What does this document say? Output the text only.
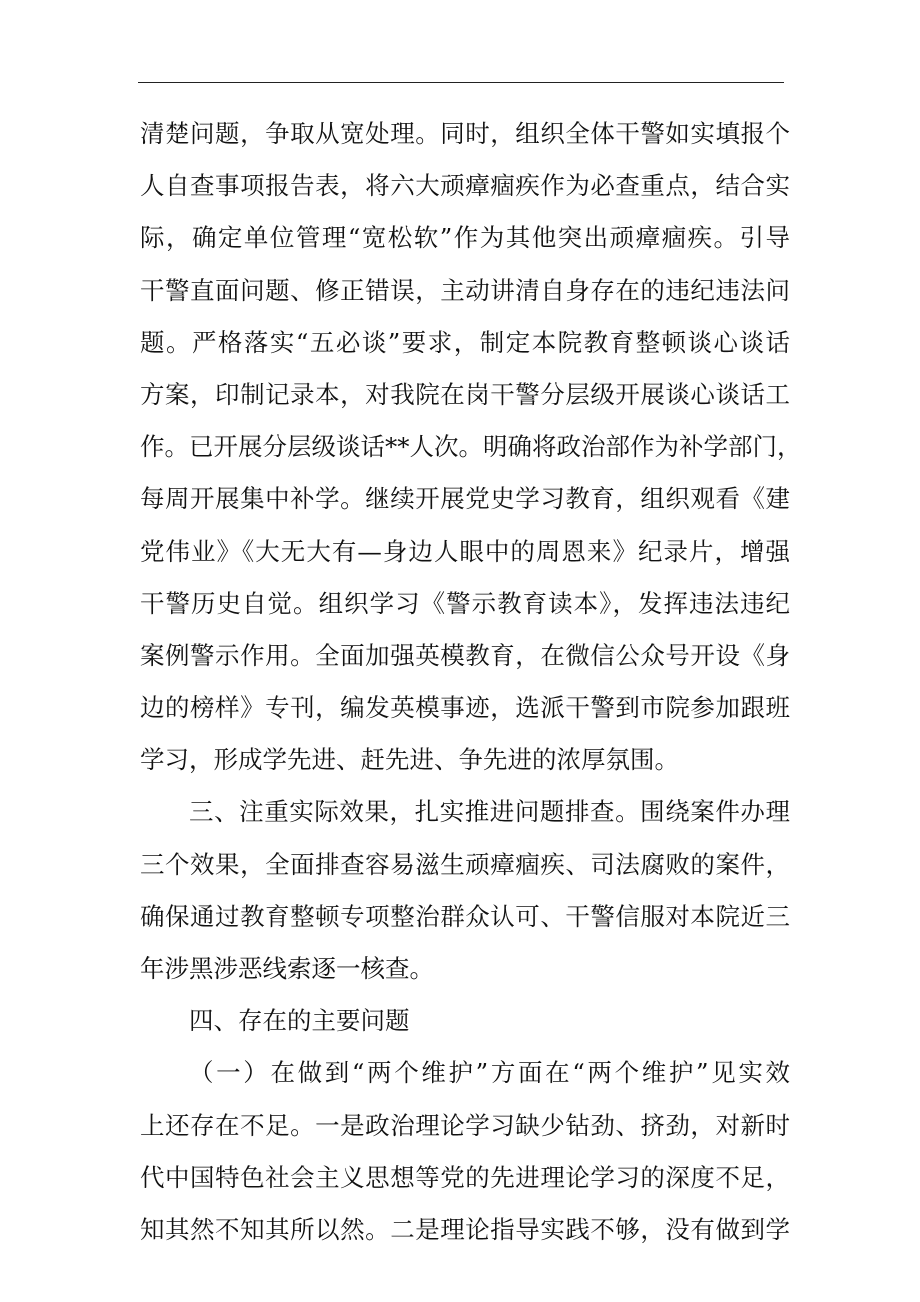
清楚问题，争取从宽处理。同时，组织全体干警如实填报个
人自查事项报告表，将六大顽瘴痼疾作为必查重点，结合实
际，确定单位管理“宽松软”作为其他突出顽瘴痼疾。引导
干警直面问题、修正错误，主动讲清自身存在的违纪违法问
题。严格落实“五必谈”要求，制定本院教育整顿谈心谈话
方案，印制记录本，对我院在岗干警分层级开展谈心谈话工
作。已开展分层级谈话**人次。明确将政治部作为补学部门，
每周开展集中补学。继续开展党史学习教育，组织观看《建
党伟业》《大无大有—身边人眼中的周恩来》纪录片，增强
干警历史自觉。组织学习《警示教育读本》，发挥违法违纪
案例警示作用。全面加强英模教育，在微信公众号开设《身
边的榜样》专刊，编发英模事迹，选派干警到市院参加跟班
学习，形成学先进、赶先进、争先进的浓厚氛围。
三、注重实际效果，扎实推进问题排查。围绕案件办理
三个效果，全面排查容易滋生顽瘴痼疾、司法腐败的案件，
确保通过教育整顿专项整治群众认可、干警信服对本院近三
年涉黑涉恶线索逐一核查。
四、存在的主要问题
（一）在做到“两个维护”方面在“两个维护”见实效
上还存在不足。一是政治理论学习缺少钻劲、挤劲，对新时
代中国特色社会主义思想等党的先进理论学习的深度不足，
知其然不知其所以然。二是理论指导实践不够，没有做到学
